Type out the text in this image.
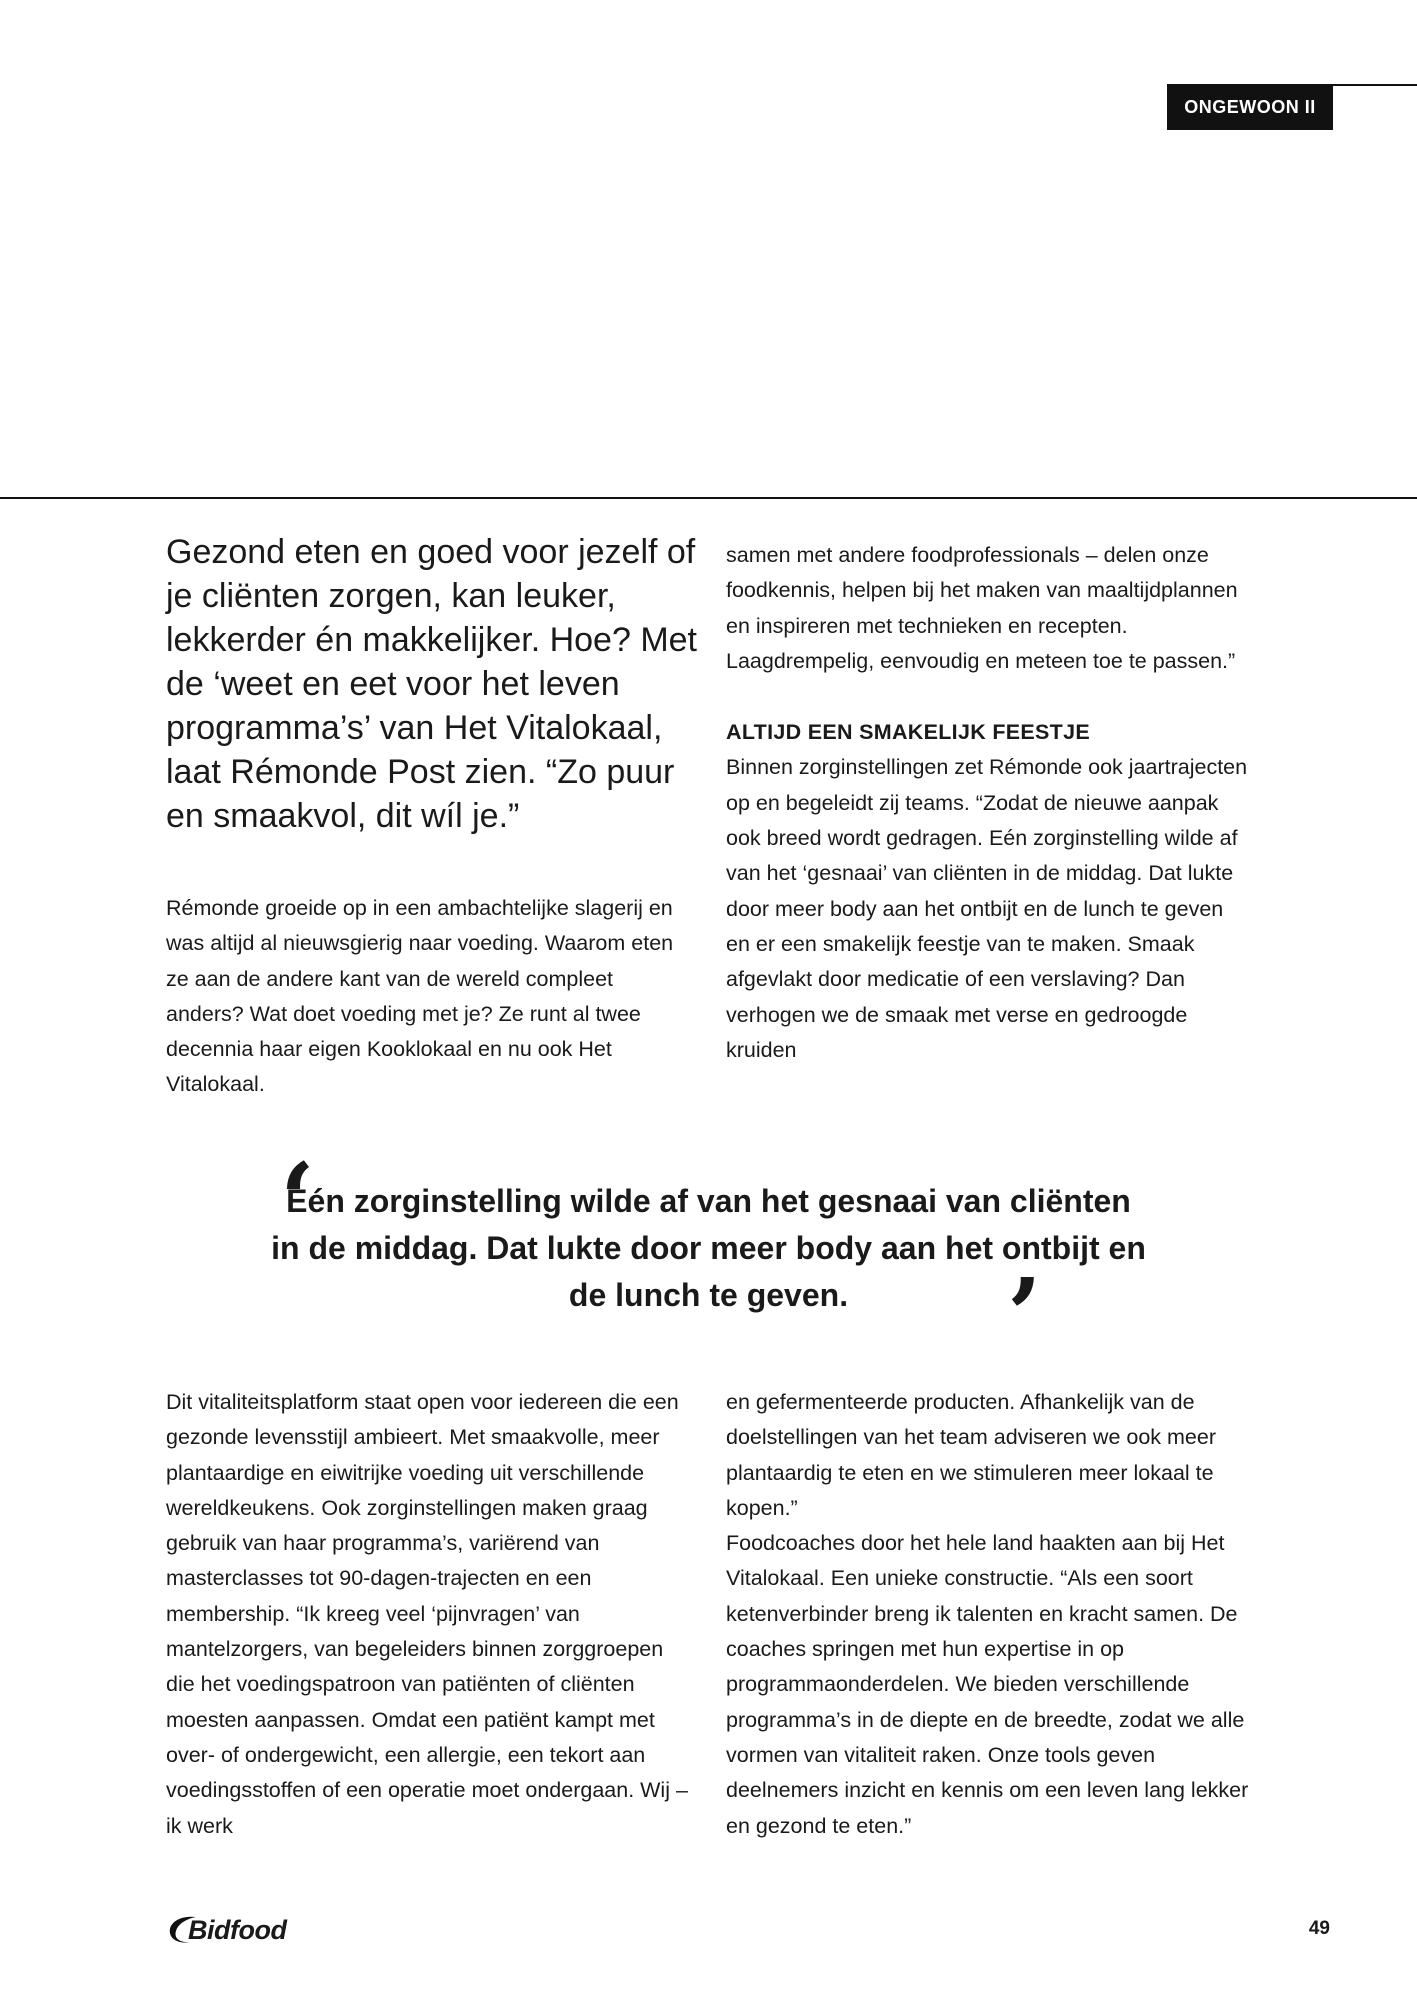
ONGEWOON II

Gezond eten en goed voor jezelf of je cliënten zorgen, kan leuker, lekkerder én makkelijker. Hoe? Met de ‘weet en eet voor het leven programma’s’ van Het Vitalokaal, laat Rémonde Post zien. “Zo puur en smaakvol, dit wíl je.”

Rémonde groeide op in een ambachtelijke slagerij en was altijd al nieuwsgierig naar voeding. Waarom eten ze aan de andere kant van de wereld compleet anders? Wat doet voeding met je? Ze runt al twee decennia haar eigen Kooklokaal en nu ook Het Vitalokaal.

samen met andere foodprofessionals – delen onze foodkennis, helpen bij het maken van maaltijdplannen en inspireren met technieken en recepten. Laagdrempelig, eenvoudig en meteen toe te passen.”

ALTIJD EEN SMAKELIJK FEESTJE

Binnen zorginstellingen zet Rémonde ook jaartrajecten op en begeleidt zij teams. “Zodat de nieuwe aanpak ook breed wordt gedragen. Eén zorginstelling wilde af van het ‘gesnaai’ van cliënten in de middag. Dat lukte door meer body aan het ontbijt en de lunch te geven en er een smakelijk feestje van te maken. Smaak afgevlakt door medicatie of een verslaving? Dan verhogen we de smaak met verse en gedroogde kruiden

‘

Eén zorginstelling wilde af van het gesnaai van cliënten in de middag. Dat lukte door meer body aan het ontbijt en de lunch te geven.	’

Dit vitaliteitsplatform staat open voor iedereen die een gezonde levensstijl ambieert. Met smaakvolle, meer plantaardige en eiwitrijke voeding uit verschillende wereldkeukens. Ook zorginstellingen maken graag gebruik van haar programma’s, variërend van masterclasses tot 90-dagen-trajecten en een membership. “Ik kreeg veel ‘pijnvragen’ van mantelzorgers, van begeleiders binnen zorggroepen die het voedingspatroon van patiënten of cliënten moesten aanpassen. Omdat een patiënt kampt met over- of ondergewicht, een allergie, een tekort aan voedingsstoffen of een operatie moet ondergaan. Wij – ik werk

en gefermenteerde producten. Afhankelijk van de doelstellingen van het team adviseren we ook meer plantaardig te eten en we stimuleren meer lokaal te kopen.”

Foodcoaches door het hele land haakten aan bij Het Vitalokaal. Een unieke constructie. “Als een soort ketenverbinder breng ik talenten en kracht samen. De coaches springen met hun expertise in op programmaonderdelen. We bieden verschillende programma’s in de diepte en de breedte, zodat we alle vormen van vitaliteit raken. Onze tools geven deelnemers inzicht en kennis om een leven lang lekker en gezond te eten.”

Bidfood	49
